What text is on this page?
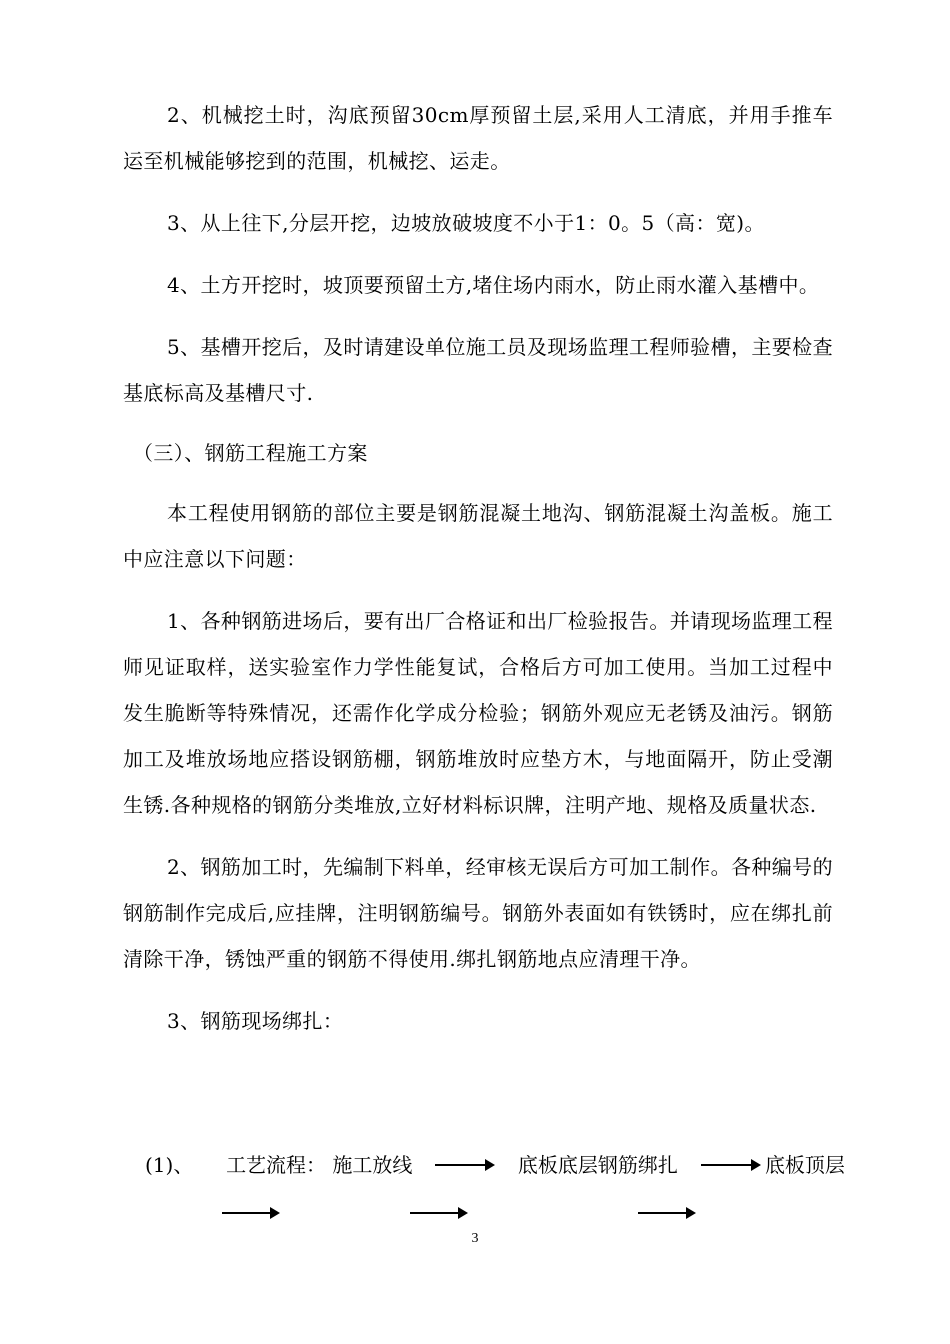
2、机械挖土时，沟底预留30cm厚预留土层,采用人工清底，并用手推车运至机械能够挖到的范围，机械挖、运走。

3、从上往下,分层开挖，边坡放破坡度不小于1：0。5（高：宽)。

4、土方开挖时，坡顶要预留土方,堵住场内雨水，防止雨水灌入基槽中。

5、基槽开挖后，及时请建设单位施工员及现场监理工程师验槽，主要检查基底标高及基槽尺寸.

（三）、钢筋工程施工方案

本工程使用钢筋的部位主要是钢筋混凝土地沟、钢筋混凝土沟盖板。施工中应注意以下问题：

1、各种钢筋进场后，要有出厂合格证和出厂检验报告。并请现场监理工程师见证取样，送实验室作力学性能复试，合格后方可加工使用。当加工过程中发生脆断等特殊情况，还需作化学成分检验；钢筋外观应无老锈及油污。钢筋加工及堆放场地应搭设钢筋棚，钢筋堆放时应垫方木，与地面隔开，防止受潮生锈.各种规格的钢筋分类堆放,立好材料标识牌，注明产地、规格及质量状态.

2、钢筋加工时，先编制下料单，经审核无误后方可加工制作。各种编号的钢筋制作完成后,应挂牌，注明钢筋编号。钢筋外表面如有铁锈时，应在绑扎前清除干净，锈蚀严重的钢筋不得使用.绑扎钢筋地点应清理干净。

3、钢筋现场绑扎：

(1)、 工艺流程： 施工放线	底板底层钢筋绑扎	底板顶层
3
